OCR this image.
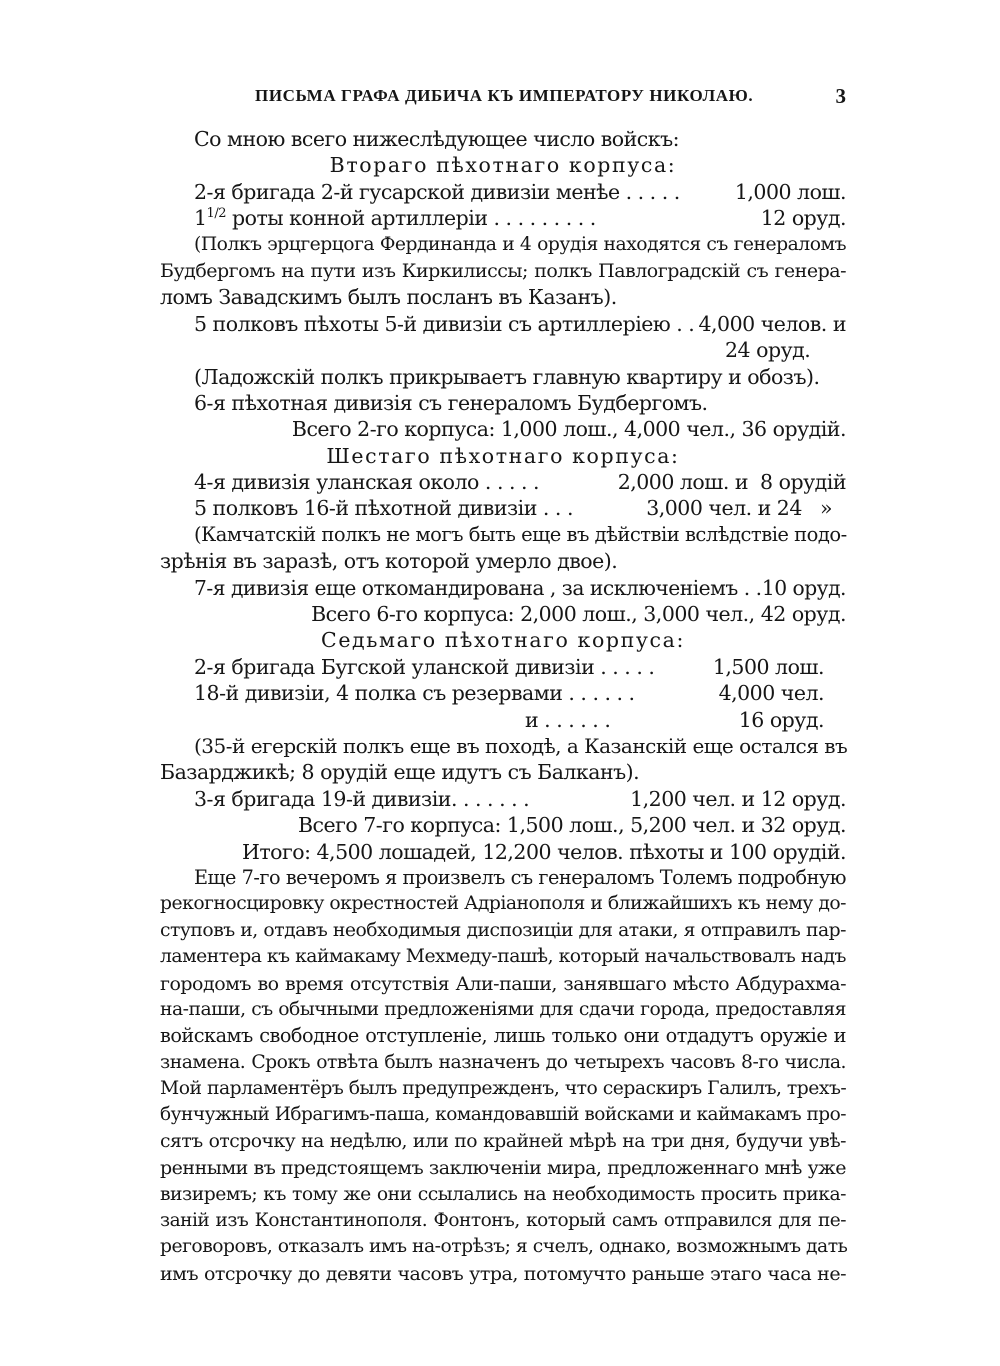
ПИСЬМА ГРАФА ДИБИЧА КЪ ИМПЕРАТОРУ НИКОЛАЮ.	3
Со мною всего нижеслѣдующее число войскъ:
Втораго пѣхотнаго корпуса:
2-я бригада 2-й гусарской дивизіи менѣе . . . . .	1,000 лош.
$1^{1/2}$ роты конной артиллеріи . . . . . . . . .	12 оруд.
(Полкъ эрцгерцога Фердинанда и 4 орудія находятся съ генераломъ
Будбергомъ на пути изъ Киркилиссы; полкъ Павлоградскій съ генера-
ломъ Завадскимъ былъ посланъ въ Казанъ).
5 полковъ пѣхоты 5-й дивизіи съ артиллеріею . . 4,000 челов. и
24 оруд.
(Ладожскій полкъ прикрываетъ главную квартиру и обозъ).
6-я пѣхотная дивизія съ генераломъ Будбергомъ.
Всего 2-го корпуса: 1,000 лош., 4,000 чел., 36 орудій.
Шестаго пѣхотнаго корпуса:
4-я дивизія уланская около . . . . .	2,000 лош. и  8 орудій
5 полковъ 16-й пѣхотной дивизіи . . .	3,000 чел. и 24   »
(Камчатскій полкъ не могъ быть еще въ дѣйствіи вслѣдствіе подо-
зрѣнія въ заразѣ, отъ которой умерло двое).
7-я дивизія еще откомандирована , за исключеніемъ . . 10 оруд.
Всего 6-го корпуса: 2,000 лош., 3,000 чел., 42 оруд.
Седьмаго пѣхотнаго корпуса:
2-я бригада Бугской уланской дивизіи . . . . .	1,500 лош.
18-й дивизіи, 4 полка съ резервами . . . . . .	4,000 чел.
и . . . . . .	16 оруд.
(35-й егерскій полкъ еще въ походѣ, а Казанскій еще остался въ
Базарджикѣ; 8 орудій еще идутъ съ Балканъ).
3-я бригада 19-й дивизіи. . . . . . .	1,200 чел. и 12 оруд.
Всего 7-го корпуса: 1,500 лош., 5,200 чел. и 32 оруд.
Итого: 4,500 лошадей, 12,200 челов. пѣхоты и 100 орудій.
Еще 7-го вечеромъ я произвелъ съ генераломъ Толемъ подробную
рекогносцировку окрестностей Адріанополя и ближайшихъ къ нему до-
ступовъ и, отдавъ необходимыя диспозиціи для атаки, я отправилъ пар-
ламентера къ каймакаму Мехмеду-пашѣ, который начальствовалъ надъ
городомъ во время отсутствія Али-паши, занявшаго мѣсто Абдурахма-
на-паши, съ обычными предложеніями для сдачи города, предоставляя
войскамъ свободное отступленіе, лишь только они отдадутъ оружіе и
знамена. Срокъ отвѣта былъ назначенъ до четырехъ часовъ 8-го числа.
Мой парламентёръ былъ предупрежденъ, что сераскиръ Галилъ, трехъ-
бунчужный Ибрагимъ-паша, командовавшій войсками и каймакамъ про-
сятъ отсрочку на недѣлю, или по крайней мѣрѣ на три дня, будучи увѣ-
ренными въ предстоящемъ заключеніи мира, предложеннаго мнѣ уже
визиремъ; къ тому же они ссылались на необходимость просить прика-
заній изъ Константинополя. Фонтонъ, который самъ отправился для пе-
реговоровъ, отказалъ имъ на-отрѣзъ; я счелъ, однако, возможнымъ дать
имъ отсрочку до девяти часовъ утра, потомучто раньше этаго часа не-
